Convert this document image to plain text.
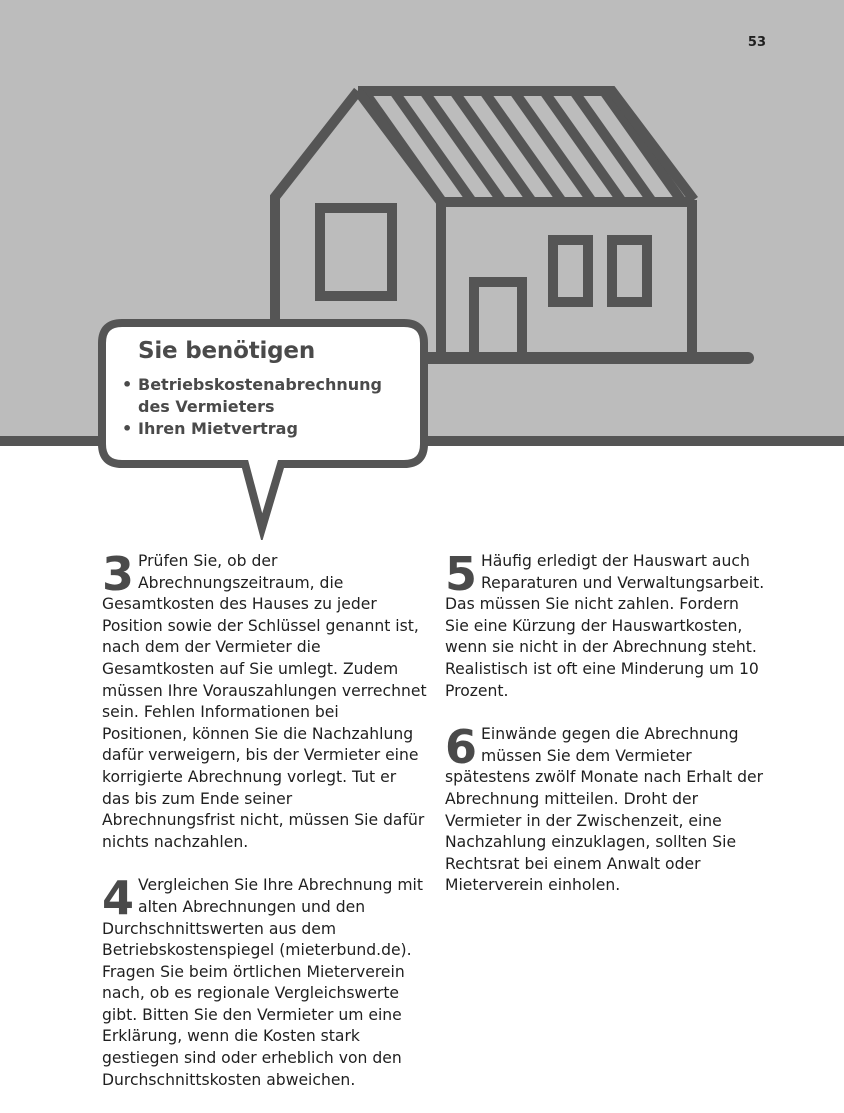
53
Sie benötigen
• Betriebskostenabrechnung des Vermieters
• Ihren Mietvertrag

3 Prüfen Sie, ob der Abrechnungszeitraum, die Gesamtkosten des Hauses zu jeder Position sowie der Schlüssel genannt ist, nach dem der Vermieter die Gesamtkosten auf Sie umlegt. Zudem müssen Ihre Vorauszahlungen verrechnet sein. Fehlen Informationen bei Positionen, können Sie die Nachzahlung dafür verweigern, bis der Vermieter eine korrigierte Abrechnung vorlegt. Tut er das bis zum Ende seiner Abrechnungsfrist nicht, müssen Sie dafür nichts nachzahlen.

4 Vergleichen Sie Ihre Abrechnung mit alten Abrechnungen und den Durchschnittswerten aus dem Betriebskostenspiegel (mieterbund.de). Fragen Sie beim örtlichen Mieterverein nach, ob es regionale Vergleichswerte gibt. Bitten Sie den Vermieter um eine Erklärung, wenn die Kosten stark gestiegen sind oder erheblich von den Durchschnittskosten abweichen.

5 Häufig erledigt der Hauswart auch Reparaturen und Verwaltungsarbeit. Das müssen Sie nicht zahlen. Fordern Sie eine Kürzung der Hauswartkosten, wenn sie nicht in der Abrechnung steht. Realistisch ist oft eine Minderung um 10 Prozent.

6 Einwände gegen die Abrechnung müssen Sie dem Vermieter spätestens zwölf Monate nach Erhalt der Abrechnung mitteilen. Droht der Vermieter in der Zwischenzeit, eine Nachzahlung einzuklagen, sollten Sie Rechtsrat bei einem Anwalt oder Mieterverein einholen.
